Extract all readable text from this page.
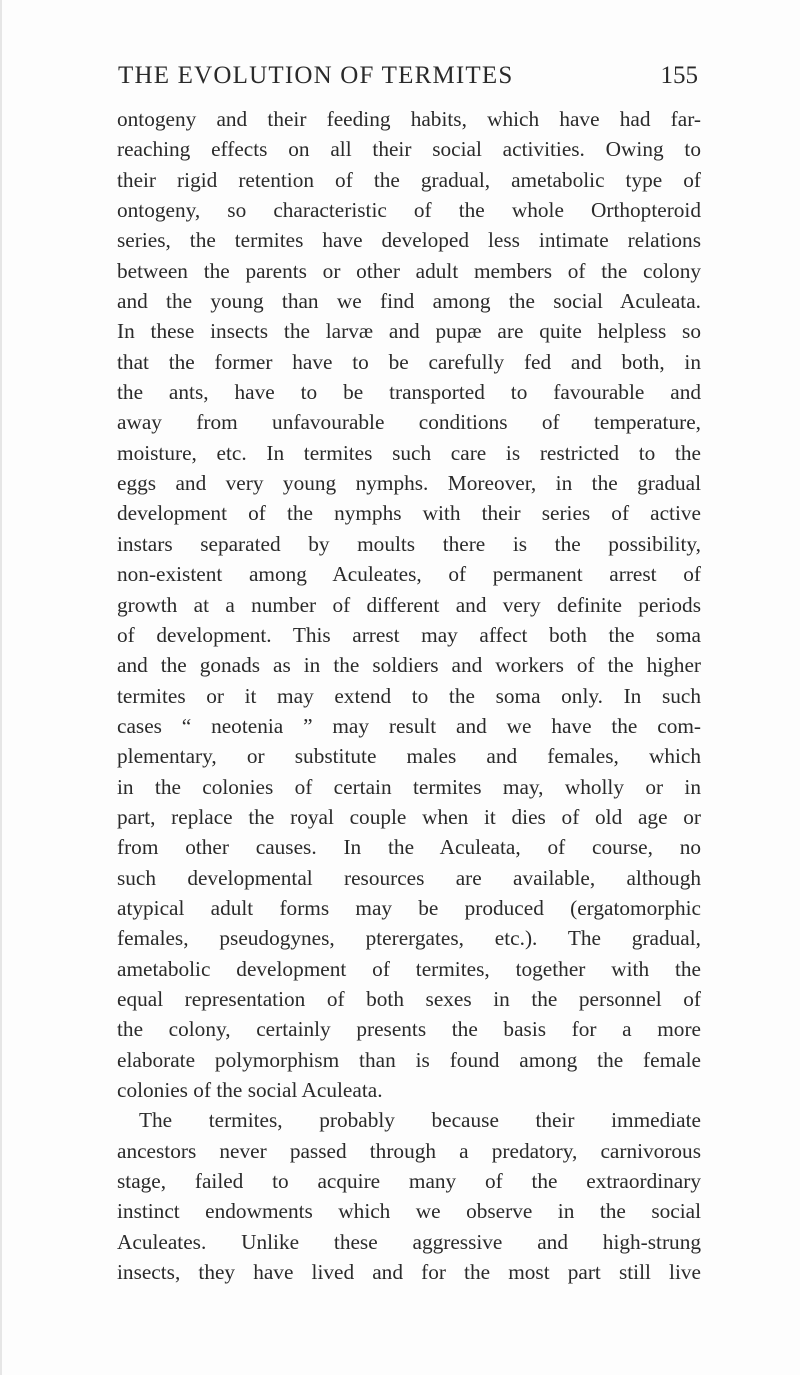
THE EVOLUTION OF TERMITES	155
ontogeny and their feeding habits, which have had far-
reaching effects on all their social activities. Owing to
their rigid retention of the gradual, ametabolic type of
ontogeny, so characteristic of the whole Orthopteroid
series, the termites have developed less intimate relations
between the parents or other adult members of the colony
and the young than we find among the social Aculeata.
In these insects the larvæ and pupæ are quite helpless so
that the former have to be carefully fed and both, in
the ants, have to be transported to favourable and
away from unfavourable conditions of temperature,
moisture, etc. In termites such care is restricted to the
eggs and very young nymphs. Moreover, in the gradual
development of the nymphs with their series of active
instars separated by moults there is the possibility,
non-existent among Aculeates, of permanent arrest of
growth at a number of different and very definite periods
of development. This arrest may affect both the soma
and the gonads as in the soldiers and workers of the higher
termites or it may extend to the soma only. In such
cases “ neotenia ” may result and we have the com-
plementary, or substitute males and females, which
in the colonies of certain termites may, wholly or in
part, replace the royal couple when it dies of old age or
from other causes. In the Aculeata, of course, no
such developmental resources are available, although
atypical adult forms may be produced (ergatomorphic
females, pseudogynes, pterergates, etc.). The gradual,
ametabolic development of termites, together with the
equal representation of both sexes in the personnel of
the colony, certainly presents the basis for a more
elaborate polymorphism than is found among the female
colonies of the social Aculeata.
The termites, probably because their immediate
ancestors never passed through a predatory, carnivorous
stage, failed to acquire many of the extraordinary
instinct endowments which we observe in the social
Aculeates. Unlike these aggressive and high-strung
insects, they have lived and for the most part still live
